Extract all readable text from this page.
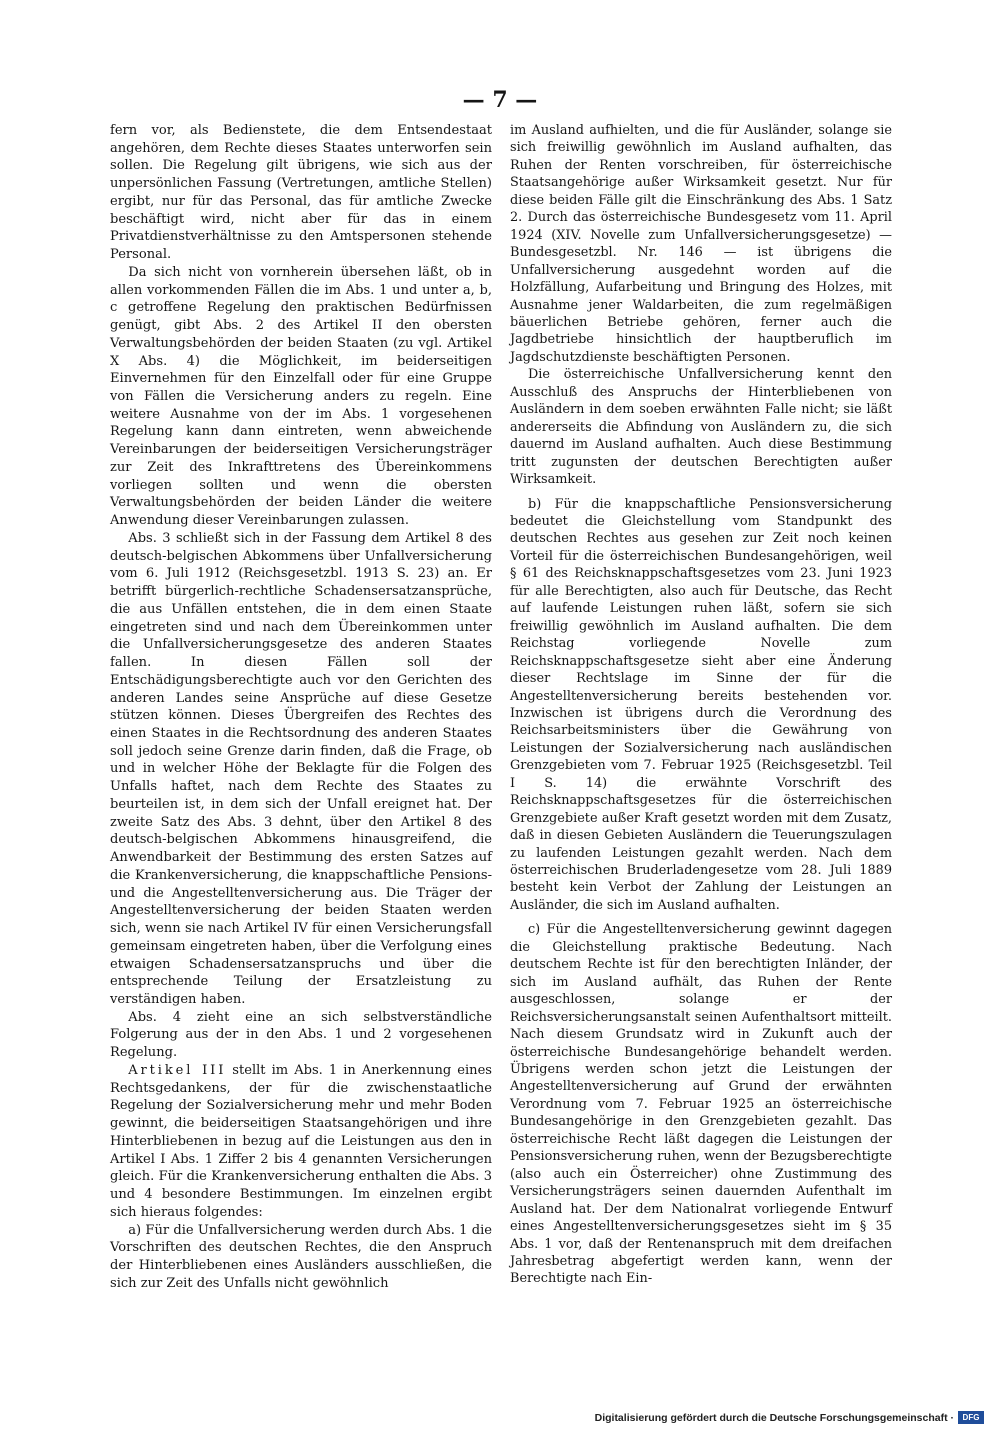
— 7 —

fern vor, als Bedienstete, die dem Entsendestaat angehören, dem Rechte dieses Staates unterworfen sein sollen. Die Regelung gilt übrigens, wie sich aus der unpersönlichen Fassung (Vertretungen, amtliche Stellen) ergibt, nur für das Personal, das für amtliche Zwecke beschäftigt wird, nicht aber für das in einem Privatdienstverhältnisse zu den Amtspersonen stehende Personal.

Da sich nicht von vornherein übersehen läßt, ob in allen vorkommenden Fällen die im Abs. 1 und unter a, b, c getroffene Regelung den praktischen Bedürfnissen genügt, gibt Abs. 2 des Artikel II den obersten Verwaltungsbehörden der beiden Staaten (zu vgl. Artikel X Abs. 4) die Möglichkeit, im beiderseitigen Einvernehmen für den Einzelfall oder für eine Gruppe von Fällen die Versicherung anders zu regeln. Eine weitere Ausnahme von der im Abs. 1 vorgesehenen Regelung kann dann eintreten, wenn abweichende Vereinbarungen der beiderseitigen Versicherungsträger zur Zeit des Inkrafttretens des Übereinkommens vorliegen sollten und wenn die obersten Verwaltungsbehörden der beiden Länder die weitere Anwendung dieser Vereinbarungen zulassen.

Abs. 3 schließt sich in der Fassung dem Artikel 8 des deutsch-belgischen Abkommens über Unfallversicherung vom 6. Juli 1912 (Reichsgesetzbl. 1913 S. 23) an. Er betrifft bürgerlich-rechtliche Schadensersatzansprüche, die aus Unfällen entstehen, die in dem einen Staate eingetreten sind und nach dem Übereinkommen unter die Unfallversicherungsgesetze des anderen Staates fallen. In diesen Fällen soll der Entschädigungsberechtigte auch vor den Gerichten des anderen Landes seine Ansprüche auf diese Gesetze stützen können. Dieses Übergreifen des Rechtes des einen Staates in die Rechtsordnung des anderen Staates soll jedoch seine Grenze darin finden, daß die Frage, ob und in welcher Höhe der Beklagte für die Folgen des Unfalls haftet, nach dem Rechte des Staates zu beurteilen ist, in dem sich der Unfall ereignet hat. Der zweite Satz des Abs. 3 dehnt, über den Artikel 8 des deutsch-belgischen Abkommens hinausgreifend, die Anwendbarkeit der Bestimmung des ersten Satzes auf die Krankenversicherung, die knappschaftliche Pensions- und die Angestelltenversicherung aus. Die Träger der Angestelltenversicherung der beiden Staaten werden sich, wenn sie nach Artikel IV für einen Versicherungsfall gemeinsam eingetreten haben, über die Verfolgung eines etwaigen Schadensersatzanspruchs und über die entsprechende Teilung der Ersatzleistung zu verständigen haben.

Abs. 4 zieht eine an sich selbstverständliche Folgerung aus der in den Abs. 1 und 2 vorgesehenen Regelung.

Artikel III stellt im Abs. 1 in Anerkennung eines Rechtsgedankens, der für die zwischenstaatliche Regelung der Sozialversicherung mehr und mehr Boden gewinnt, die beiderseitigen Staatsangehörigen und ihre Hinterbliebenen in bezug auf die Leistungen aus den in Artikel I Abs. 1 Ziffer 2 bis 4 genannten Versicherungen gleich. Für die Krankenversicherung enthalten die Abs. 3 und 4 besondere Bestimmungen. Im einzelnen ergibt sich hieraus folgendes:

a) Für die Unfallversicherung werden durch Abs. 1 die Vorschriften des deutschen Rechtes, die den Anspruch der Hinterbliebenen eines Ausländers ausschließen, die sich zur Zeit des Unfalls nicht gewöhnlich

im Ausland aufhielten, und die für Ausländer, solange sie sich freiwillig gewöhnlich im Ausland aufhalten, das Ruhen der Renten vorschreiben, für österreichische Staatsangehörige außer Wirksamkeit gesetzt. Nur für diese beiden Fälle gilt die Einschränkung des Abs. 1 Satz 2. Durch das österreichische Bundesgesetz vom 11. April 1924 (XIV. Novelle zum Unfallversicherungsgesetze) — Bundesgesetzbl. Nr. 146 — ist übrigens die Unfallversicherung ausgedehnt worden auf die Holzfällung, Aufarbeitung und Bringung des Holzes, mit Ausnahme jener Waldarbeiten, die zum regelmäßigen bäuerlichen Betriebe gehören, ferner auch die Jagdbetriebe hinsichtlich der hauptberuflich im Jagdschutzdienste beschäftigten Personen.

Die österreichische Unfallversicherung kennt den Ausschluß des Anspruchs der Hinterbliebenen von Ausländern in dem soeben erwähnten Falle nicht; sie läßt andererseits die Abfindung von Ausländern zu, die sich dauernd im Ausland aufhalten. Auch diese Bestimmung tritt zugunsten der deutschen Berechtigten außer Wirksamkeit.

b) Für die knappschaftliche Pensionsversicherung bedeutet die Gleichstellung vom Standpunkt des deutschen Rechtes aus gesehen zur Zeit noch keinen Vorteil für die österreichischen Bundesangehörigen, weil § 61 des Reichsknappschaftsgesetzes vom 23. Juni 1923 für alle Berechtigten, also auch für Deutsche, das Recht auf laufende Leistungen ruhen läßt, sofern sie sich freiwillig gewöhnlich im Ausland aufhalten. Die dem Reichstag vorliegende Novelle zum Reichsknappschaftsgesetze sieht aber eine Änderung dieser Rechtslage im Sinne der für die Angestelltenversicherung bereits bestehenden vor. Inzwischen ist übrigens durch die Verordnung des Reichsarbeitsministers über die Gewährung von Leistungen der Sozialversicherung nach ausländischen Grenzgebieten vom 7. Februar 1925 (Reichsgesetzbl. Teil I S. 14) die erwähnte Vorschrift des Reichsknappschaftsgesetzes für die österreichischen Grenzgebiete außer Kraft gesetzt worden mit dem Zusatz, daß in diesen Gebieten Ausländern die Teuerungszulagen zu laufenden Leistungen gezahlt werden. Nach dem österreichischen Bruderladengesetze vom 28. Juli 1889 besteht kein Verbot der Zahlung der Leistungen an Ausländer, die sich im Ausland aufhalten.

c) Für die Angestelltenversicherung gewinnt dagegen die Gleichstellung praktische Bedeutung. Nach deutschem Rechte ist für den berechtigten Inländer, der sich im Ausland aufhält, das Ruhen der Rente ausgeschlossen, solange er der Reichsversicherungsanstalt seinen Aufenthaltsort mitteilt. Nach diesem Grundsatz wird in Zukunft auch der österreichische Bundesangehörige behandelt werden. Übrigens werden schon jetzt die Leistungen der Angestelltenversicherung auf Grund der erwähnten Verordnung vom 7. Februar 1925 an österreichische Bundesangehörige in den Grenzgebieten gezahlt. Das österreichische Recht läßt dagegen die Leistungen der Pensionsversicherung ruhen, wenn der Bezugsberechtigte (also auch ein Österreicher) ohne Zustimmung des Versicherungsträgers seinen dauernden Aufenthalt im Ausland hat. Der dem Nationalrat vorliegende Entwurf eines Angestelltenversicherungsgesetzes sieht im § 35 Abs. 1 vor, daß der Rentenanspruch mit dem dreifachen Jahresbetrag abgefertigt werden kann, wenn der Berechtigte nach Ein-

Digitalisierung gefördert durch die Deutsche Forschungsgemeinschaft ·	DFG
